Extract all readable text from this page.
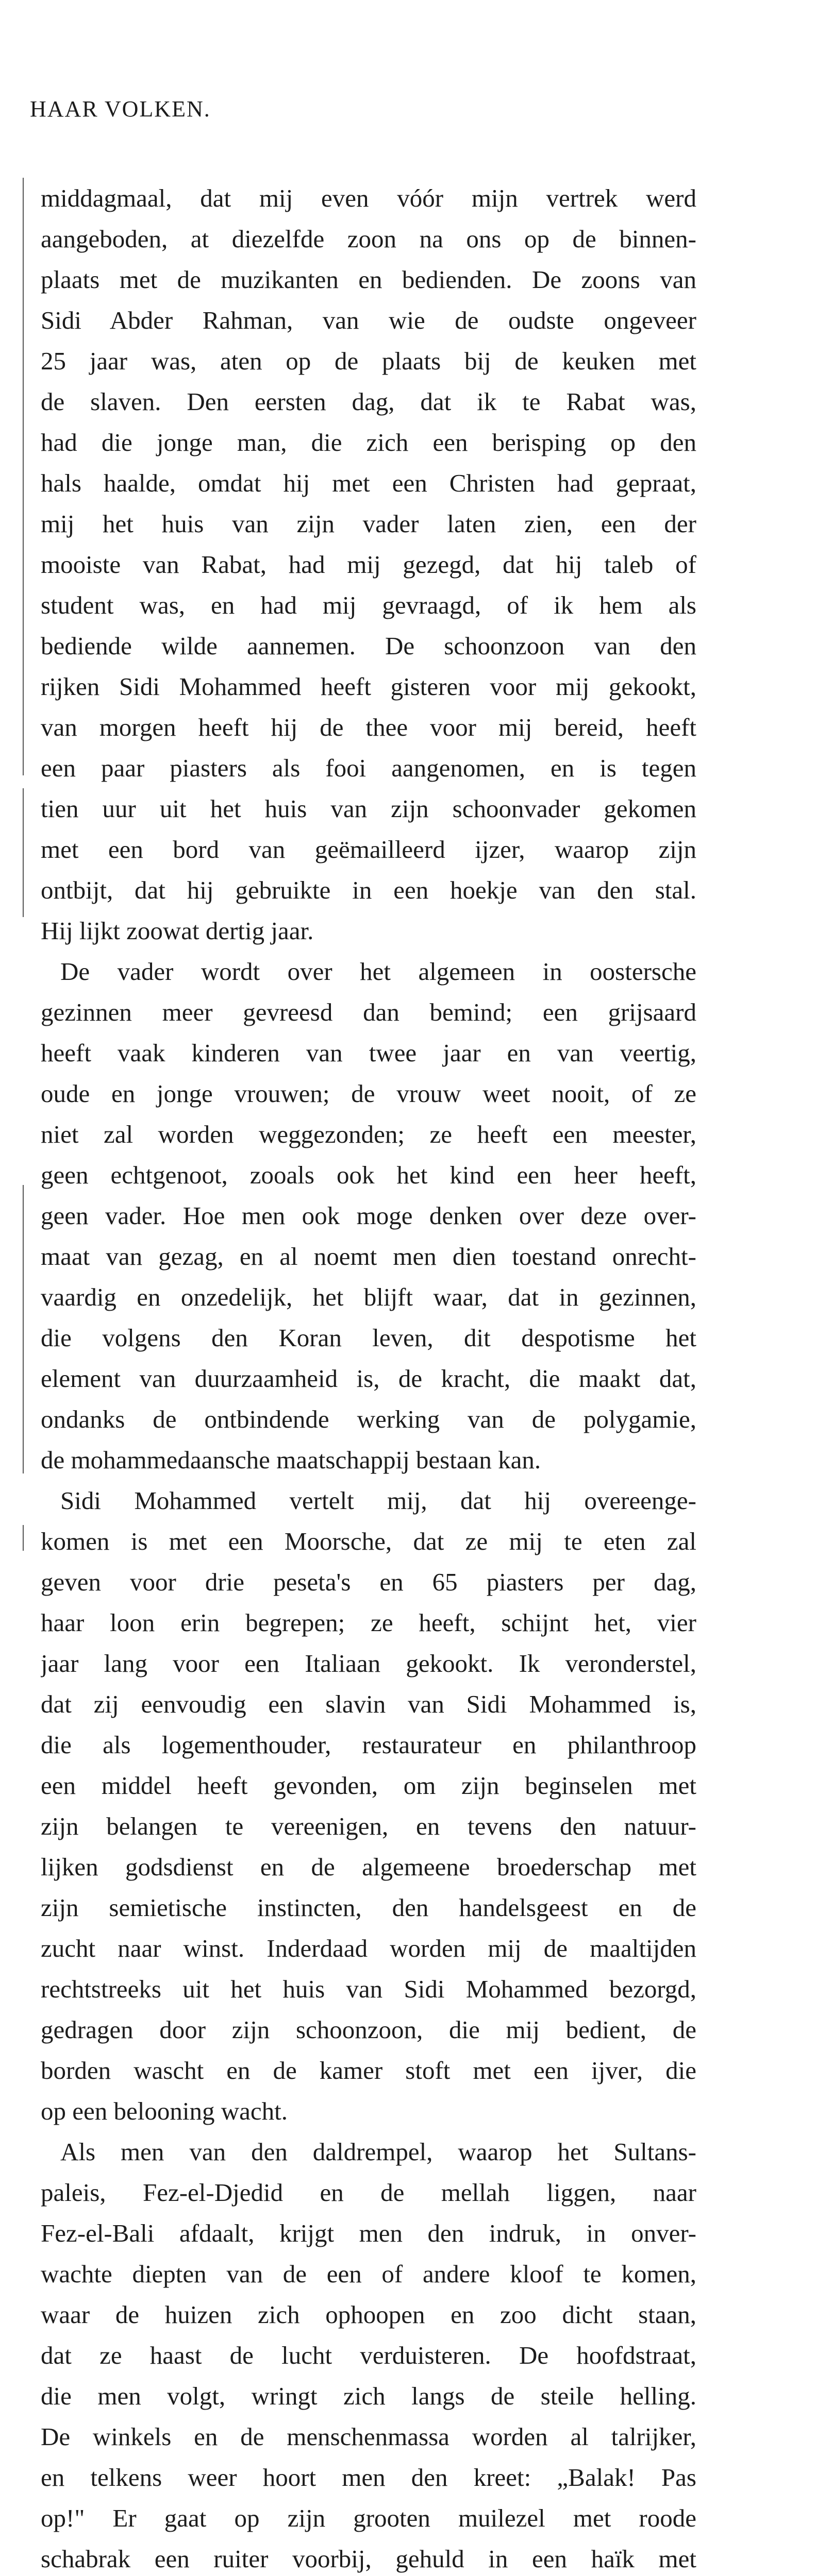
HAAR VOLKEN.
middagmaal, dat mij even vóór mijn vertrek werd
aangeboden, at diezelfde zoon na ons op de binnen-
plaats met de muzikanten en bedienden. De zoons van
Sidi Abder Rahman, van wie de oudste ongeveer
25 jaar was, aten op de plaats bij de keuken met
de slaven. Den eersten dag, dat ik te Rabat was,
had die jonge man, die zich een berisping op den
hals haalde, omdat hij met een Christen had gepraat,
mij het huis van zijn vader laten zien, een der
mooiste van Rabat, had mij gezegd, dat hij taleb of
student was, en had mij gevraagd, of ik hem als
bediende wilde aannemen. De schoonzoon van den
rijken Sidi Mohammed heeft gisteren voor mij gekookt,
van morgen heeft hij de thee voor mij bereid, heeft
een paar piasters als fooi aangenomen, en is tegen
tien uur uit het huis van zijn schoonvader gekomen
met een bord van geëmailleerd ijzer, waarop zijn
ontbijt, dat hij gebruikte in een hoekje van den stal.
Hij lijkt zoowat dertig jaar.
De vader wordt over het algemeen in oostersche
gezinnen meer gevreesd dan bemind; een grijsaard
heeft vaak kinderen van twee jaar en van veertig,
oude en jonge vrouwen; de vrouw weet nooit, of ze
niet zal worden weggezonden; ze heeft een meester,
geen echtgenoot, zooals ook het kind een heer heeft,
geen vader. Hoe men ook moge denken over deze over-
maat van gezag, en al noemt men dien toestand onrecht-
vaardig en onzedelijk, het blijft waar, dat in gezinnen,
die volgens den Koran leven, dit despotisme het
element van duurzaamheid is, de kracht, die maakt dat,
ondanks de ontbindende werking van de polygamie,
de mohammedaansche maatschappij bestaan kan.
Sidi Mohammed vertelt mij, dat hij overeenge-
komen is met een Moorsche, dat ze mij te eten zal
geven voor drie peseta's en 65 piasters per dag,
haar loon erin begrepen; ze heeft, schijnt het, vier
jaar lang voor een Italiaan gekookt. Ik veronderstel,
dat zij eenvoudig een slavin van Sidi Mohammed is,
die als logementhouder, restaurateur en philanthroop
een middel heeft gevonden, om zijn beginselen met
zijn belangen te vereenigen, en tevens den natuur-
lijken godsdienst en de algemeene broederschap met
zijn semietische instincten, den handelsgeest en de
zucht naar winst. Inderdaad worden mij de maaltijden
rechtstreeks uit het huis van Sidi Mohammed bezorgd,
gedragen door zijn schoonzoon, die mij bedient, de
borden wascht en de kamer stoft met een ijver, die
op een belooning wacht.
Als men van den daldrempel, waarop het Sultans-
paleis, Fez-el-Djedid en de mellah liggen, naar
Fez-el-Bali afdaalt, krijgt men den indruk, in onver-
wachte diepten van de een of andere kloof te komen,
waar de huizen zich ophoopen en zoo dicht staan,
dat ze haast de lucht verduisteren. De hoofdstraat,
die men volgt, wringt zich langs de steile helling.
De winkels en de menschenmassa worden al talrijker,
en telkens weer hoort men den kreet: „Balak! Pas
op!" Er gaat op zijn grooten muilezel met roode
schabrak een ruiter voorbij, gehuld in een haïk met
